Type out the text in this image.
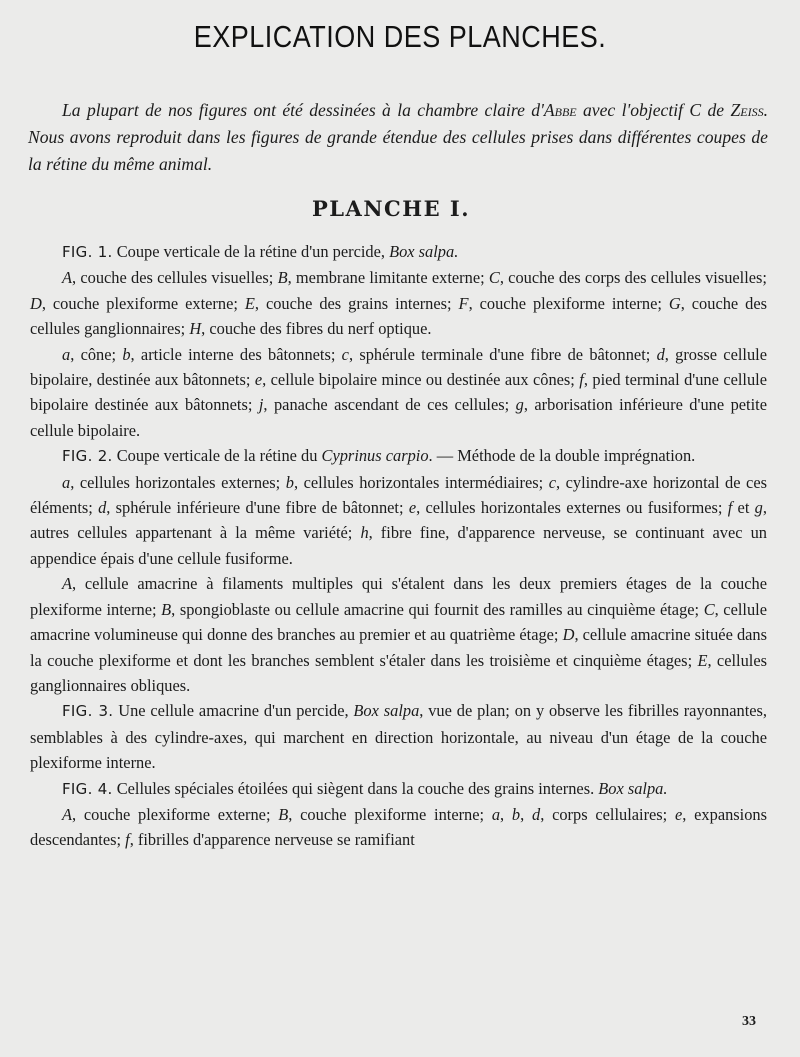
EXPLICATION DES PLANCHES.

La plupart de nos figures ont été dessinées à la chambre claire d'Abbe avec l'objectif C de Zeiss. Nous avons reproduit dans les figures de grande étendue des cellules prises dans différentes coupes de la rétine du même animal.

PLANCHE I.

FIG. 1. Coupe verticale de la rétine d'un percide, Box salpa.

A, couche des cellules visuelles; B, membrane limitante externe; C, couche des corps des cellules visuelles; D, couche plexiforme externe; E, couche des grains internes; F, couche plexiforme interne; G, couche des cellules ganglionnaires; H, couche des fibres du nerf optique.

a, cône; b, article interne des bâtonnets; c, sphérule terminale d'une fibre de bâtonnet; d, grosse cellule bipolaire, destinée aux bâtonnets; e, cellule bipolaire mince ou destinée aux cônes; f, pied terminal d'une cellule bipolaire destinée aux bâtonnets; j, panache ascendant de ces cellules; g, arborisation inférieure d'une petite cellule bipolaire.

FIG. 2. Coupe verticale de la rétine du Cyprinus carpio. — Méthode de la double imprégnation.

a, cellules horizontales externes; b, cellules horizontales intermédiaires; c, cylindre-axe horizontal de ces éléments; d, sphérule inférieure d'une fibre de bâtonnet; e, cellules horizontales externes ou fusiformes; f et g, autres cellules appartenant à la même variété; h, fibre fine, d'apparence nerveuse, se continuant avec un appendice épais d'une cellule fusiforme.

A, cellule amacrine à filaments multiples qui s'étalent dans les deux premiers étages de la couche plexiforme interne; B, spongioblaste ou cellule amacrine qui fournit des ramilles au cinquième étage; C, cellule amacrine volumineuse qui donne des branches au premier et au quatrième étage; D, cellule amacrine située dans la couche plexiforme et dont les branches semblent s'étaler dans les troisième et cinquième étages; E, cellules ganglionnaires obliques.

FIG. 3. Une cellule amacrine d'un percide, Box salpa, vue de plan; on y observe les fibrilles rayonnantes, semblables à des cylindre-axes, qui marchent en direction horizontale, au niveau d'un étage de la couche plexiforme interne.

FIG. 4. Cellules spéciales étoilées qui siègent dans la couche des grains internes. Box salpa.

A, couche plexiforme externe; B, couche plexiforme interne; a, b, d, corps cellulaires; e, expansions descendantes; f, fibrilles d'apparence nerveuse se ramifiant

33
